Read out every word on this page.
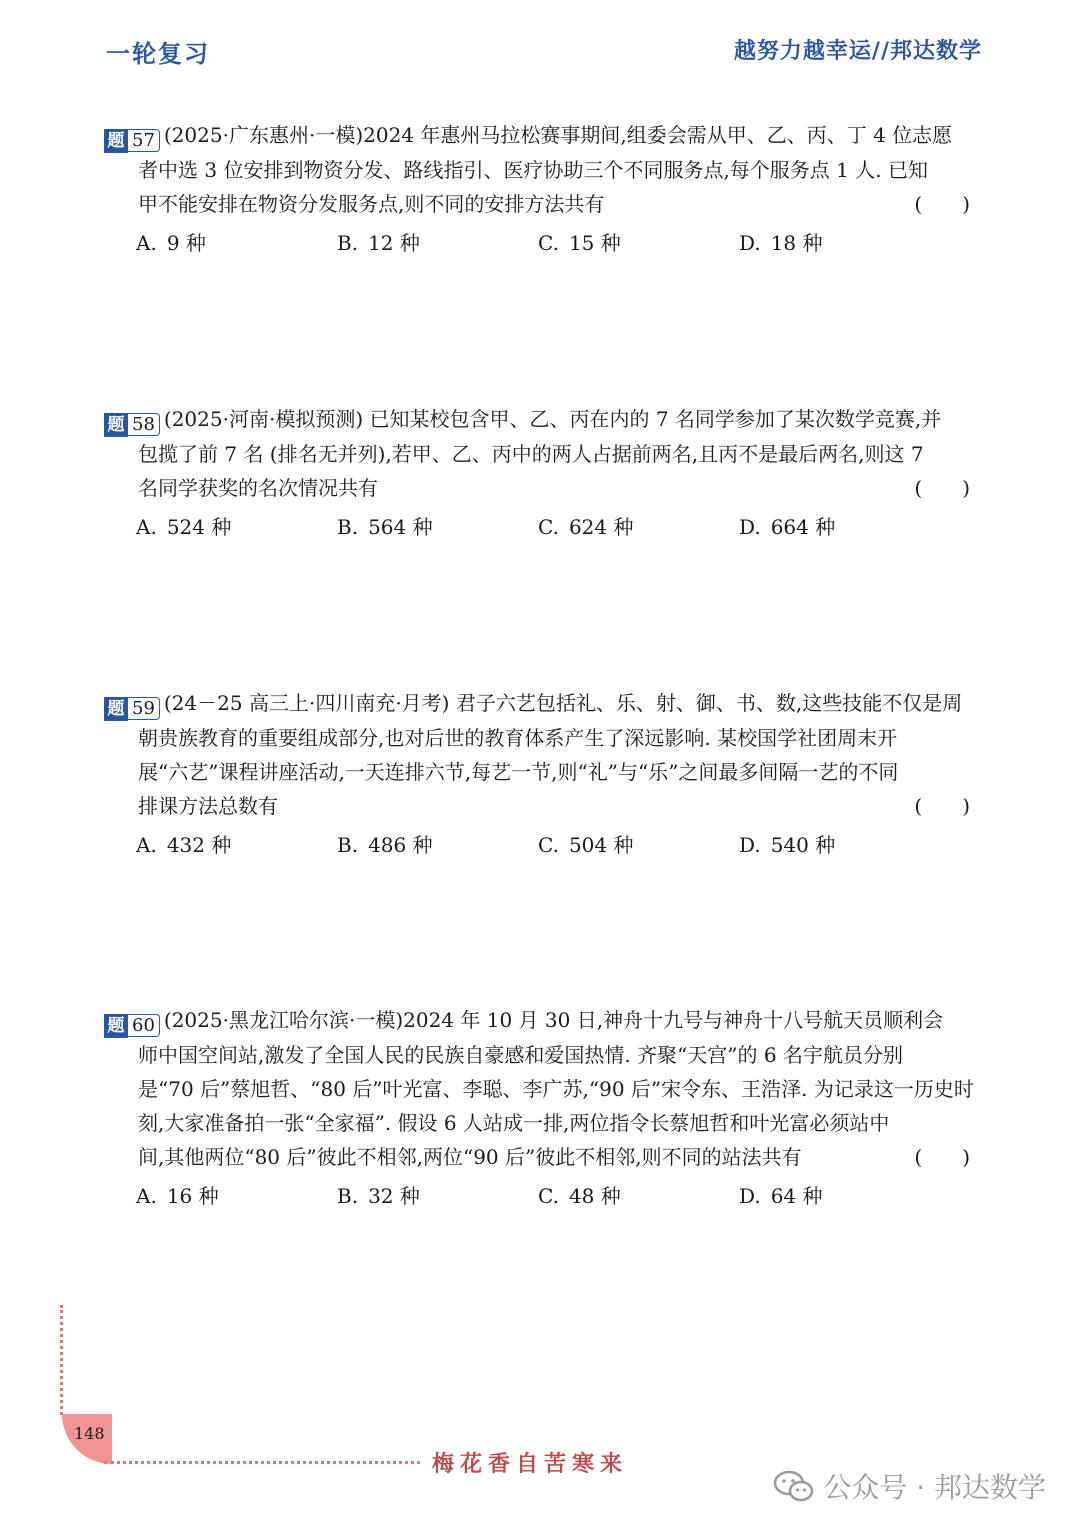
一轮复习	越努力越幸运//邦达数学

题 57 (2025·广东惠州·一模)2024 年惠州马拉松赛事期间,组委会需从甲、乙、丙、丁 4 位志愿

者中选 3 位安排到物资分发、路线指引、医疗协助三个不同服务点,每个服务点 1 人. 已知

甲不能安排在物资分发服务点,则不同的安排方法共有	(　　)

A. 9 种	B. 12 种	C. 15 种	D. 18 种

题 58 (2025·河南·模拟预测) 已知某校包含甲、乙、丙在内的 7 名同学参加了某次数学竞赛,并

包揽了前 7 名 (排名无并列),若甲、乙、丙中的两人占据前两名,且丙不是最后两名,则这 7

名同学获奖的名次情况共有	(　　)

A. 524 种	B. 564 种	C. 624 种	D. 664 种

题 59 (24－25 高三上·四川南充·月考) 君子六艺包括礼、乐、射、御、书、数,这些技能不仅是周

朝贵族教育的重要组成部分,也对后世的教育体系产生了深远影响. 某校国学社团周末开

展“六艺”课程讲座活动,一天连排六节,每艺一节,则“礼”与“乐”之间最多间隔一艺的不同

排课方法总数有	(　　)

A. 432 种	B. 486 种	C. 504 种	D. 540 种

题 60 (2025·黑龙江哈尔滨·一模)2024 年 10 月 30 日,神舟十九号与神舟十八号航天员顺利会

师中国空间站,激发了全国人民的民族自豪感和爱国热情. 齐聚“天宫”的 6 名宇航员分别

是“70 后”蔡旭哲、“80 后”叶光富、李聪、李广苏,“90 后”宋令东、王浩泽. 为记录这一历史时

刻,大家准备拍一张“全家福”. 假设 6 人站成一排,两位指令长蔡旭哲和叶光富必须站中

间,其他两位“80 后”彼此不相邻,两位“90 后”彼此不相邻,则不同的站法共有	(　　)

A. 16 种	B. 32 种	C. 48 种	D. 64 种
148
梅花香自苦寒来
公众号 · 邦达数学
